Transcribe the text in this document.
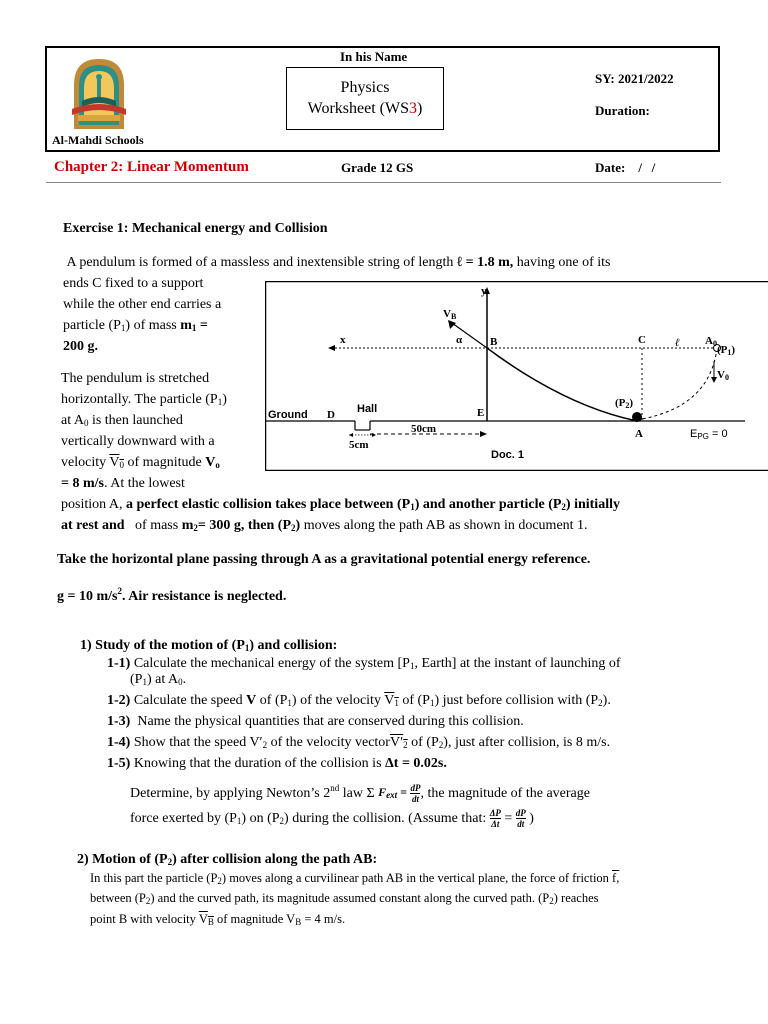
In his Name
Al-Mahdi Schools
Physics
Worksheet (WS3)
SY: 2021/2022
Duration:
Chapter 2: Linear Momentum	Grade 12 GS	Date:    /   /
Exercise 1: Mechanical energy and Collision
A pendulum is formed of a massless and inextensible string of length ℓ = 1.8 m, having one of its
ends C fixed to a support
while the other end carries a
particle $(P_1)$ of mass $m_1$ =
200 g.
The pendulum is stretched
horizontally. The particle $(P_1)$
at $A_0$ is then launched
vertically downward with a
velocity $V_0$ of magnitude $V_o$
= 8 m/s. At the lowest
position A, a perfect elastic collision takes place between $(P_1)$ and another particle $(P_2)$ initially
at rest and of mass $m_2= 300$ g, then $(P_2)$ moves along the path AB as shown in document 1.
Take the horizontal plane passing through A as a gravitational potential energy reference.
g = 10 $m/s^2$. Air resistance is neglected.
y
x	α	B	C	ℓ A0
(P1)
V0
VB
(P2)
E
D
A
50cm
5cm
Ground	Hall
Doc. 1
EPG = 0
1) Study of the motion of $(P_1)$ and collision:
1-1) Calculate the mechanical energy of the system [$P_1$, Earth] at the instant of launching of
$(P_1)$ at $A_0$.
1-2) Calculate the speed V of $(P_1)$ of the velocity $V_1$ of $(P_1)$ just before collision with $(P_2)$.
1-3) Name the physical quantities that are conserved during this collision.
1-4) Show that the speed $V'_2$ of the velocity $vectorV'_2$ of $(P_2)$, just after collision, is 8 m/s.
1-5) Knowing that the duration of the collision is Δt = 0.02s.
Determine, by applying Newton’s 2nd law Σ $F_{ext} = \frac{dP}{dt}$ , the magnitude of the average
force exerted by $(P_1)$ on $(P_2)$ during the collision. (Assume that: $\frac{\Delta P}{\Delta t} = \frac{dP}{dt}$ )
2) Motion of $(P_2)$ after collision along the path AB:
In this part the particle $(P_2)$ moves along a curvilinear path AB in the vertical plane, the force of friction f,
between $(P_2)$ and the curved path, its magnitude assumed constant along the curved path. $(P_2)$ reaches
point B with velocity $V_B$ of magnitude $V_B = 4$ m/s.
